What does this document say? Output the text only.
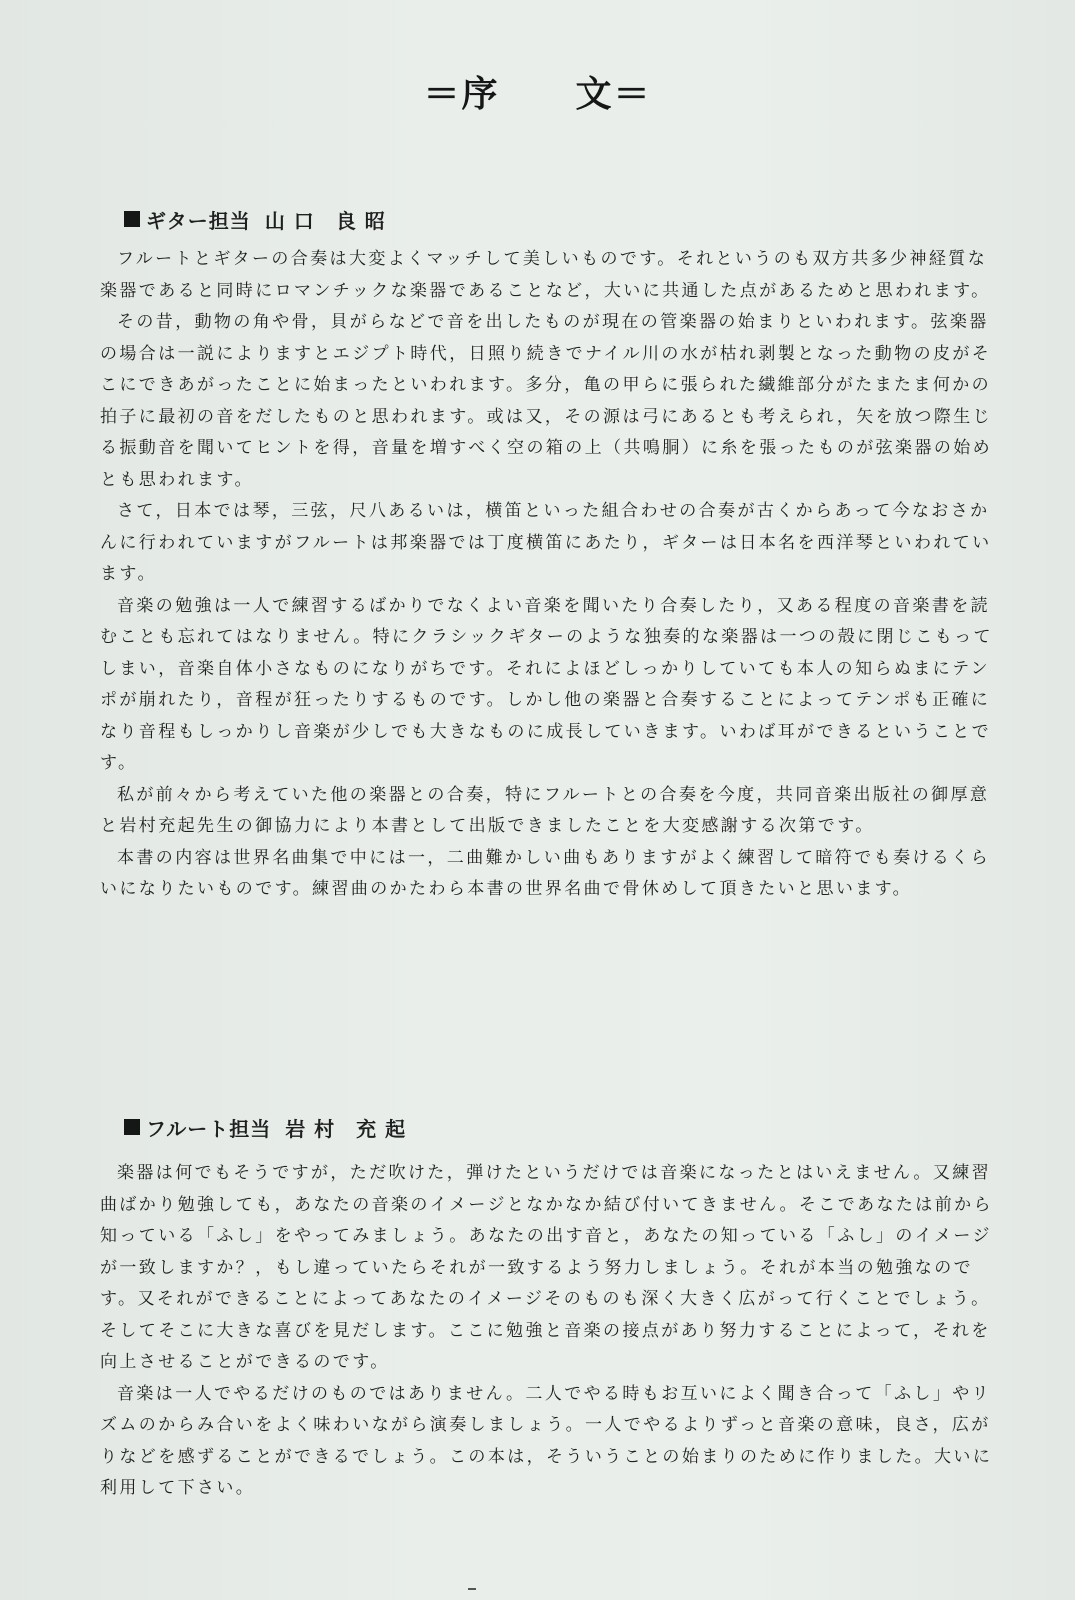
＝序　　文＝
ギター担当 山 口　良 昭

フルートとギターの合奏は大変よくマッチして美しいものです。それというのも双方共多少神経質な楽器であると同時にロマンチックな楽器であることなど，大いに共通した点があるためと思われます。

その昔，動物の角や骨，貝がらなどで音を出したものが現在の管楽器の始まりといわれます。弦楽器の場合は一説によりますとエジプト時代，日照り続きでナイル川の水が枯れ剥製となった動物の皮がそこにできあがったことに始まったといわれます。多分，亀の甲らに張られた繊維部分がたまたま何かの拍子に最初の音をだしたものと思われます。或は又，その源は弓にあるとも考えられ，矢を放つ際生じる振動音を聞いてヒントを得，音量を増すべく空の箱の上（共鳴胴）に糸を張ったものが弦楽器の始めとも思われます。

さて，日本では琴，三弦，尺八あるいは，横笛といった組合わせの合奏が古くからあって今なおさかんに行われていますがフルートは邦楽器では丁度横笛にあたり，ギターは日本名を西洋琴といわれています。

音楽の勉強は一人で練習するばかりでなくよい音楽を聞いたり合奏したり，又ある程度の音楽書を読むことも忘れてはなりません。特にクラシックギターのような独奏的な楽器は一つの殻に閉じこもってしまい，音楽自体小さなものになりがちです。それによほどしっかりしていても本人の知らぬまにテンポが崩れたり，音程が狂ったりするものです。しかし他の楽器と合奏することによってテンポも正確になり音程もしっかりし音楽が少しでも大きなものに成長していきます。いわば耳ができるということです。

私が前々から考えていた他の楽器との合奏，特にフルートとの合奏を今度，共同音楽出版社の御厚意と岩村充起先生の御協力により本書として出版できましたことを大変感謝する次第です。

本書の内容は世界名曲集で中には一，二曲難かしい曲もありますがよく練習して暗符でも奏けるくらいになりたいものです。練習曲のかたわら本書の世界名曲で骨休めして頂きたいと思います。

フルート担当 岩 村　充 起

楽器は何でもそうですが，ただ吹けた，弾けたというだけでは音楽になったとはいえません。又練習曲ばかり勉強しても，あなたの音楽のイメージとなかなか結び付いてきません。そこであなたは前から知っている「ふし」をやってみましょう。あなたの出す音と，あなたの知っている「ふし」のイメージが一致しますか？，もし違っていたらそれが一致するよう努力しましょう。それが本当の勉強なのです。又それができることによってあなたのイメージそのものも深く大きく広がって行くことでしょう。そしてそこに大きな喜びを見だします。ここに勉強と音楽の接点があり努力することによって，それを向上させることができるのです。

音楽は一人でやるだけのものではありません。二人でやる時もお互いによく聞き合って「ふし」やリズムのからみ合いをよく味わいながら演奏しましょう。一人でやるよりずっと音楽の意味，良さ，広がりなどを感ずることができるでしょう。この本は，そういうことの始まりのために作りました。大いに利用して下さい。
